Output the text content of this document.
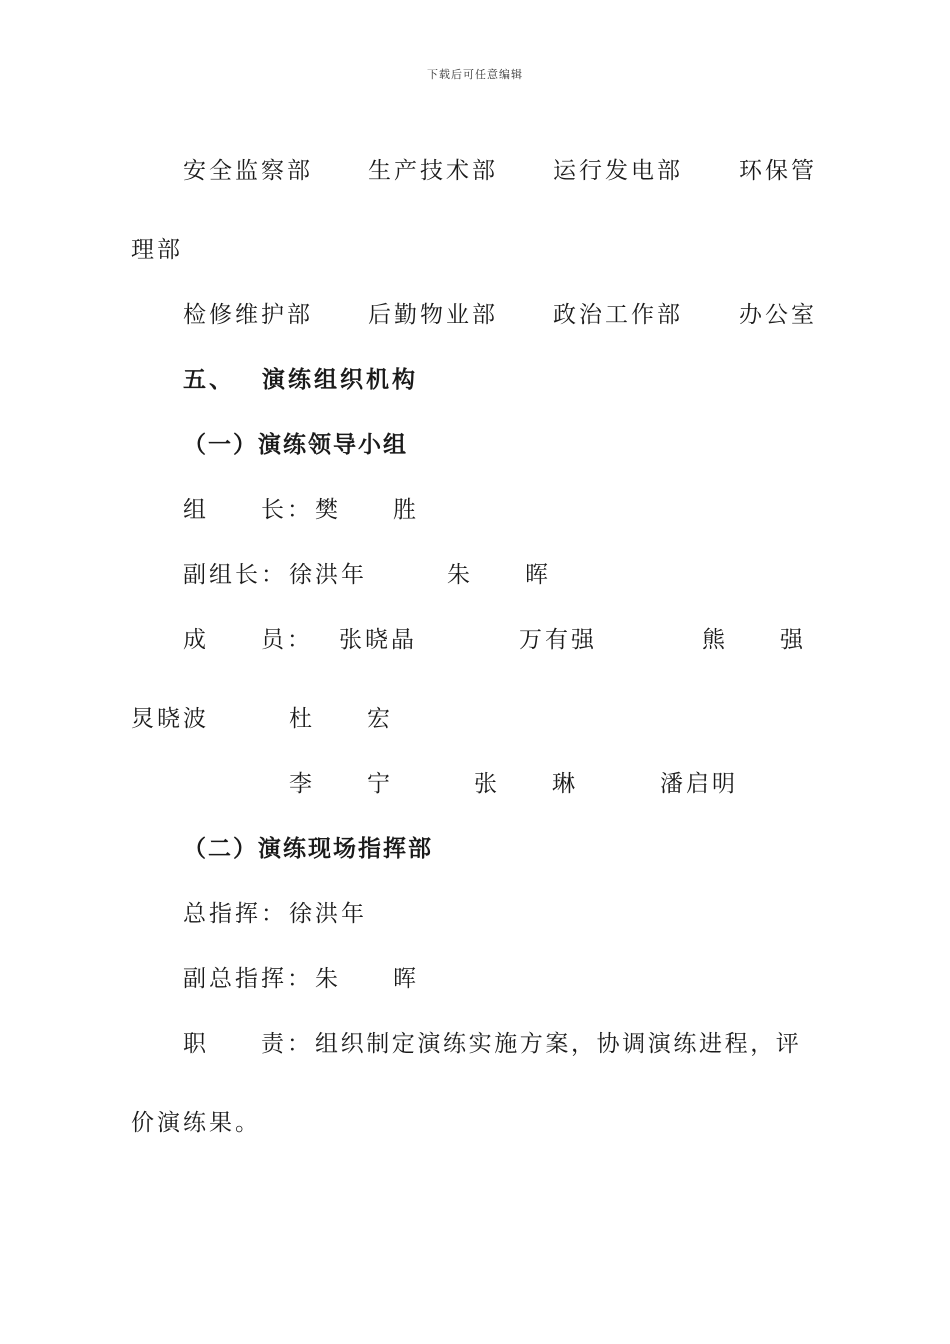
下载后可任意编辑
安全监察部 生产技术部 运行发电部 环保管
理部
检修维护部 后勤物业部 政治工作部 办公室
五、 演练组织机构
（一）演练领导小组
组　　长： 樊　　胜
副组长： 徐洪年	朱　　晖
成　　员： 张晓晶	万有强	熊　　强
炅晓波	杜　　宏
李　　宁	张　　琳	潘启明
（二）演练现场指挥部
总指挥： 徐洪年
副总指挥： 朱　　晖
职　　责： 组织制定演练实施方案，协调演练进程，评
价演练果。
